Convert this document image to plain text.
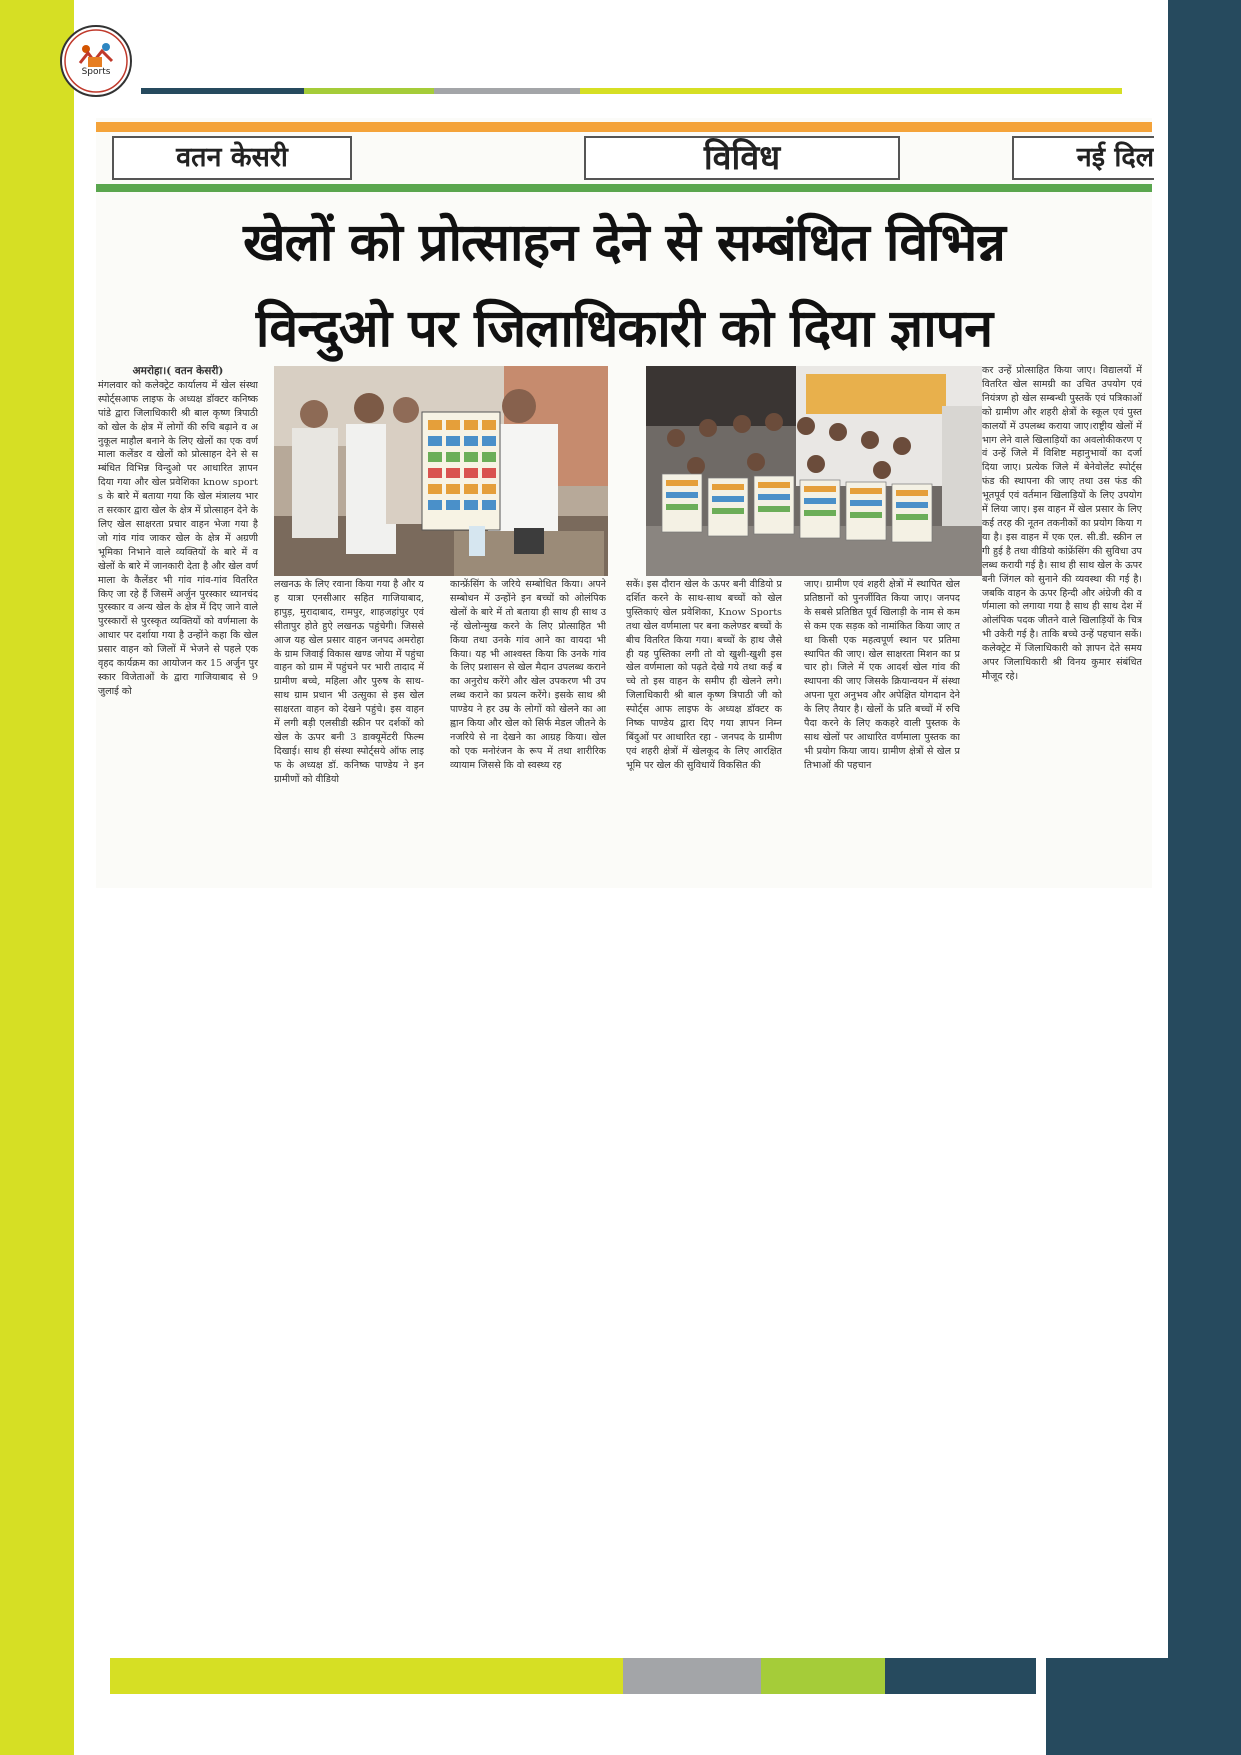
Sports
वतन केसरी	विविध	नई दिल
खेलों को प्रोत्साहन देने से सम्बंधित विभिन्न
विन्दुओ पर जिलाधिकारी को दिया ज्ञापन
अमरोहा।( वतन केसरी)
मंगलवार को कलेक्ट्रेट कार्यालय में खेल संस्था स्पोर्ट्सआफ लाइफ के अध्यक्ष डॉक्टर कनिष्क पांडे द्वारा जिलाधिकारी श्री बाल कृष्ण त्रिपाठी को खेल के क्षेत्र में लोगों की रुचि बढ़ाने व अनुकूल माहौल बनाने के लिए खेलों का एक वर्णमाला कलेंडर व खेलों को प्रोत्साहन देने से सम्बंधित विभिन्न विन्दुओ पर आधारित ज्ञापन दिया गया और खेल प्रवेशिका know sports के बारे में बताया गया कि खेल मंत्रालय भारत सरकार द्वारा खेल के क्षेत्र में प्रोत्साहन देने के लिए खेल साक्षरता प्रचार वाहन भेजा गया है जो गांव गांव जाकर खेल के क्षेत्र में अग्रणी भूमिका निभाने वाले व्यक्तियों के बारे में व खेलों के बारे में जानकारी देता है और खेल वर्णमाला के कैलेंडर भी गांव गांव-गांव वितरित किए जा रहे हैं जिसमें अर्जुन पुरस्कार ध्यानचंद पुरस्कार व अन्य खेल के क्षेत्र में दिए जाने वाले पुरस्कारों से पुरस्कृत व्यक्तियों को वर्णमाला के आधार पर दर्शाया गया है उन्होंने कहा कि खेल प्रसार वाहन को जिलों में भेजने से पहले एक वृहद कार्यक्रम का आयोजन कर 15 अर्जुन पुरस्कार विजेताओं के द्वारा गाजियाबाद से 9 जुलाई को
लखनऊ के लिए रवाना किया गया है और यह यात्रा एनसीआर सहित गाजियाबाद, हापुड़, मुरादाबाद, रामपुर, शाहजहांपुर एवं सीतापुर होते हुऐ लखनऊ पहुंचेगी। जिससे आज यह खेल प्रसार वाहन जनपद अमरोहा के ग्राम जिवाई विकास खण्ड जोया में पहुंचा वाहन को ग्राम में पहुंचने पर भारी तादाद में ग्रामीण बच्चे, महिला और पुरुष के साथ-साथ ग्राम प्रधान भी उत्सुका से इस खेल साक्षरता वाहन को देखने पहुंचे। इस वाहन में लगी बड़ी एलसीडी स्क्रीन पर दर्शकों को खेल के ऊपर बनी 3 डाक्यूमेंटरी फिल्म दिखाई। साथ ही संस्था स्पोर्ट्सये ऑफ लाइफ के अध्यक्ष डॉ. कनिष्क पाण्डेय ने इन ग्रामीणों को वीडियो
कान्फ्रेंसिंग के जरिये सम्बोधित किया। अपने सम्बोधन में उन्होंने इन बच्चों को ओलंपिक खेलों के बारे में तो बताया ही साथ ही साथ उन्हें खेलोन्मुख करने के लिए प्रोत्साहित भी किया तथा उनके गांव आने का वायदा भी किया। यह भी आश्वस्त किया कि उनके गांव के लिए प्रशासन से खेल मैदान उपलब्ध कराने का अनुरोध करेंगे और खेल उपकरण भी उपलब्ध कराने का प्रयत्न करेंगे। इसके साथ श्री पाण्डेय ने हर उम्र के लोगों को खेलने का आह्वान किया और खेल को सिर्फ मेडल जीतने के नजरिये से ना देखने का आग्रह किया। खेल को एक मनोरंजन के रूप में तथा शारीरिक व्यायाम जिससे कि वो स्वस्थ्य रह
सकें। इस दौरान खेल के ऊपर बनी वीडियो प्रदर्शित करने के साथ-साथ बच्चों को खेल पुस्तिकाएं खेल प्रवेशिका, Know Sports तथा खेल वर्णमाला पर बना कलेण्डर बच्चों के बीच वितरित किया गया। बच्चों के हाथ जैसे ही यह पुस्तिका लगी तो वो खुशी-खुशी इस खेल वर्णमाला को पढ़ते देखे गये तथा कई बच्चे तो इस वाहन के समीप ही खेलने लगे। जिलाधिकारी श्री बाल कृष्ण त्रिपाठी जी को स्पोर्ट्स आफ लाइफ के अध्यक्ष डॉक्टर कनिष्क पाण्डेय द्वारा दिए गया ज्ञापन निम्न बिंदुओं पर आधारित रहा - जनपद के ग्रामीण एवं शहरी क्षेत्रों में खेलकूद के लिए आरक्षित भूमि पर खेल की सुविधायें विकसित की
जाए। ग्रामीण एवं शहरी क्षेत्रों में स्थापित खेल प्रतिष्ठानों को पुनर्जीवित किया जाए। जनपद के सबसे प्रतिष्ठित पूर्व खिलाड़ी के नाम से कम से कम एक सड़क को नामांकित किया जाए तथा किसी एक महत्वपूर्ण स्थान पर प्रतिमा स्थापित की जाए। खेल साक्षरता मिशन का प्रचार हो। जिले में एक आदर्श खेल गांव की स्थापना की जाए जिसके क्रियान्वयन में संस्था अपना पूरा अनुभव और अपेक्षित योगदान देने के लिए तैयार है। खेलों के प्रति बच्चों में रुचि पैदा करने के लिए ककहरे वाली पुस्तक के साथ खेलों पर आधारित वर्णमाला पुस्तक का भी प्रयोग किया जाय। ग्रामीण क्षेत्रों से खेल प्रतिभाओं की पहचान
कर उन्हें प्रोत्साहित किया जाए। विद्यालयों में वितरित खेल सामग्री का उचित उपयोग एवं नियंत्रण हो खेल सम्बन्धी पुस्तकें एवं पत्रिकाओं को ग्रामीण और शहरी क्षेत्रों के स्कूल एवं पुस्तकालयों में उपलब्ध कराया जाए।राष्ट्रीय खेलों में भाग लेने वाले खिलाड़ियों का अवलोकीकरण एवं उन्हें जिले में विशिष्ट महानुभावों का दर्जा दिया जाए। प्रत्येक जिले में बेनेवोलेंट स्पोर्ट्स फंड की स्थापना की जाए तथा उस फंड की भूतपूर्व एवं वर्तमान खिलाड़ियों के लिए उपयोग में लिया जाए। इस वाहन में खेल प्रसार के लिए कई तरह की नूतन तकनीकों का प्रयोग किया गया है। इस वाहन में एक एल. सी.डी. स्क्रीन लगी हुई है तथा वीडियो कांफ्रेंसिंग की सुविधा उपलब्ध करायी गई है। साथ ही साथ खेल के ऊपर बनी जिंगल को सुनाने की व्यवस्था की गई है। जबकि वाहन के ऊपर हिन्दी और अंग्रेजी की वर्णमाला को लगाया गया है साथ ही साथ देश में ओलंपिक पदक जीतने वाले खिलाड़ियों के चित्र भी उकेरी गई है। ताकि बच्चे उन्हें पहचान सकें। कलेक्ट्रेट में जिलाधिकारी को ज्ञापन देते समय अपर जिलाधिकारी श्री विनय कुमार संबंधित मौजूद रहे।
